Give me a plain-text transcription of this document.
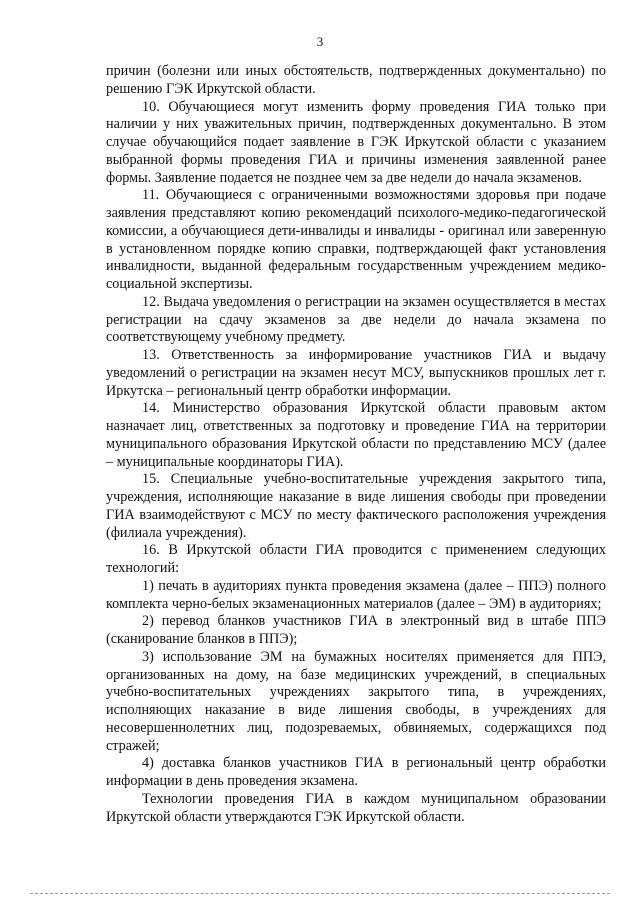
3

причин (болезни или иных обстоятельств, подтвержденных документально) по решению ГЭК Иркутской области.

10. Обучающиеся могут изменить форму проведения ГИА только при наличии у них уважительных причин, подтвержденных документально. В этом случае обучающийся подает заявление в ГЭК Иркутской области с указанием выбранной формы проведения ГИА и причины изменения заявленной ранее формы. Заявление подается не позднее чем за две недели до начала экзаменов.

11. Обучающиеся с ограниченными возможностями здоровья при подаче заявления представляют копию рекомендаций психолого-медико-педагогической комиссии, а обучающиеся дети-инвалиды и инвалиды - оригинал или заверенную в установленном порядке копию справки, подтверждающей факт установления инвалидности, выданной федеральным государственным учреждением медико-социальной экспертизы.

12. Выдача уведомления о регистрации на экзамен осуществляется в местах регистрации на сдачу экзаменов за две недели до начала экзамена по соответствующему учебному предмету.

13. Ответственность за информирование участников ГИА и выдачу уведомлений о регистрации на экзамен несут МСУ, выпускников прошлых лет г. Иркутска – региональный центр обработки информации.

14. Министерство образования Иркутской области правовым актом назначает лиц, ответственных за подготовку и проведение ГИА на территории муниципального образования Иркутской области по представлению МСУ (далее – муниципальные координаторы ГИА).

15. Специальные учебно-воспитательные учреждения закрытого типа, учреждения, исполняющие наказание в виде лишения свободы при проведении ГИА взаимодействуют с МСУ по месту фактического расположения учреждения (филиала учреждения).

16. В Иркутской области ГИА проводится с применением следующих технологий:

1) печать в аудиториях пункта проведения экзамена (далее – ППЭ) полного комплекта черно-белых экзаменационных материалов (далее – ЭМ) в аудиториях;

2) перевод бланков участников ГИА в электронный вид в штабе ППЭ (сканирование бланков в ППЭ);

3) использование ЭМ на бумажных носителях применяется для ППЭ, организованных на дому, на базе медицинских учреждений, в специальных учебно-воспитательных учреждениях закрытого типа, в учреждениях, исполняющих наказание в виде лишения свободы, в учреждениях для несовершеннолетних лиц, подозреваемых, обвиняемых, содержащихся под стражей;

4) доставка бланков участников ГИА в региональный центр обработки информации в день проведения экзамена.

Технологии проведения ГИА в каждом муниципальном образовании Иркутской области утверждаются ГЭК Иркутской области.
